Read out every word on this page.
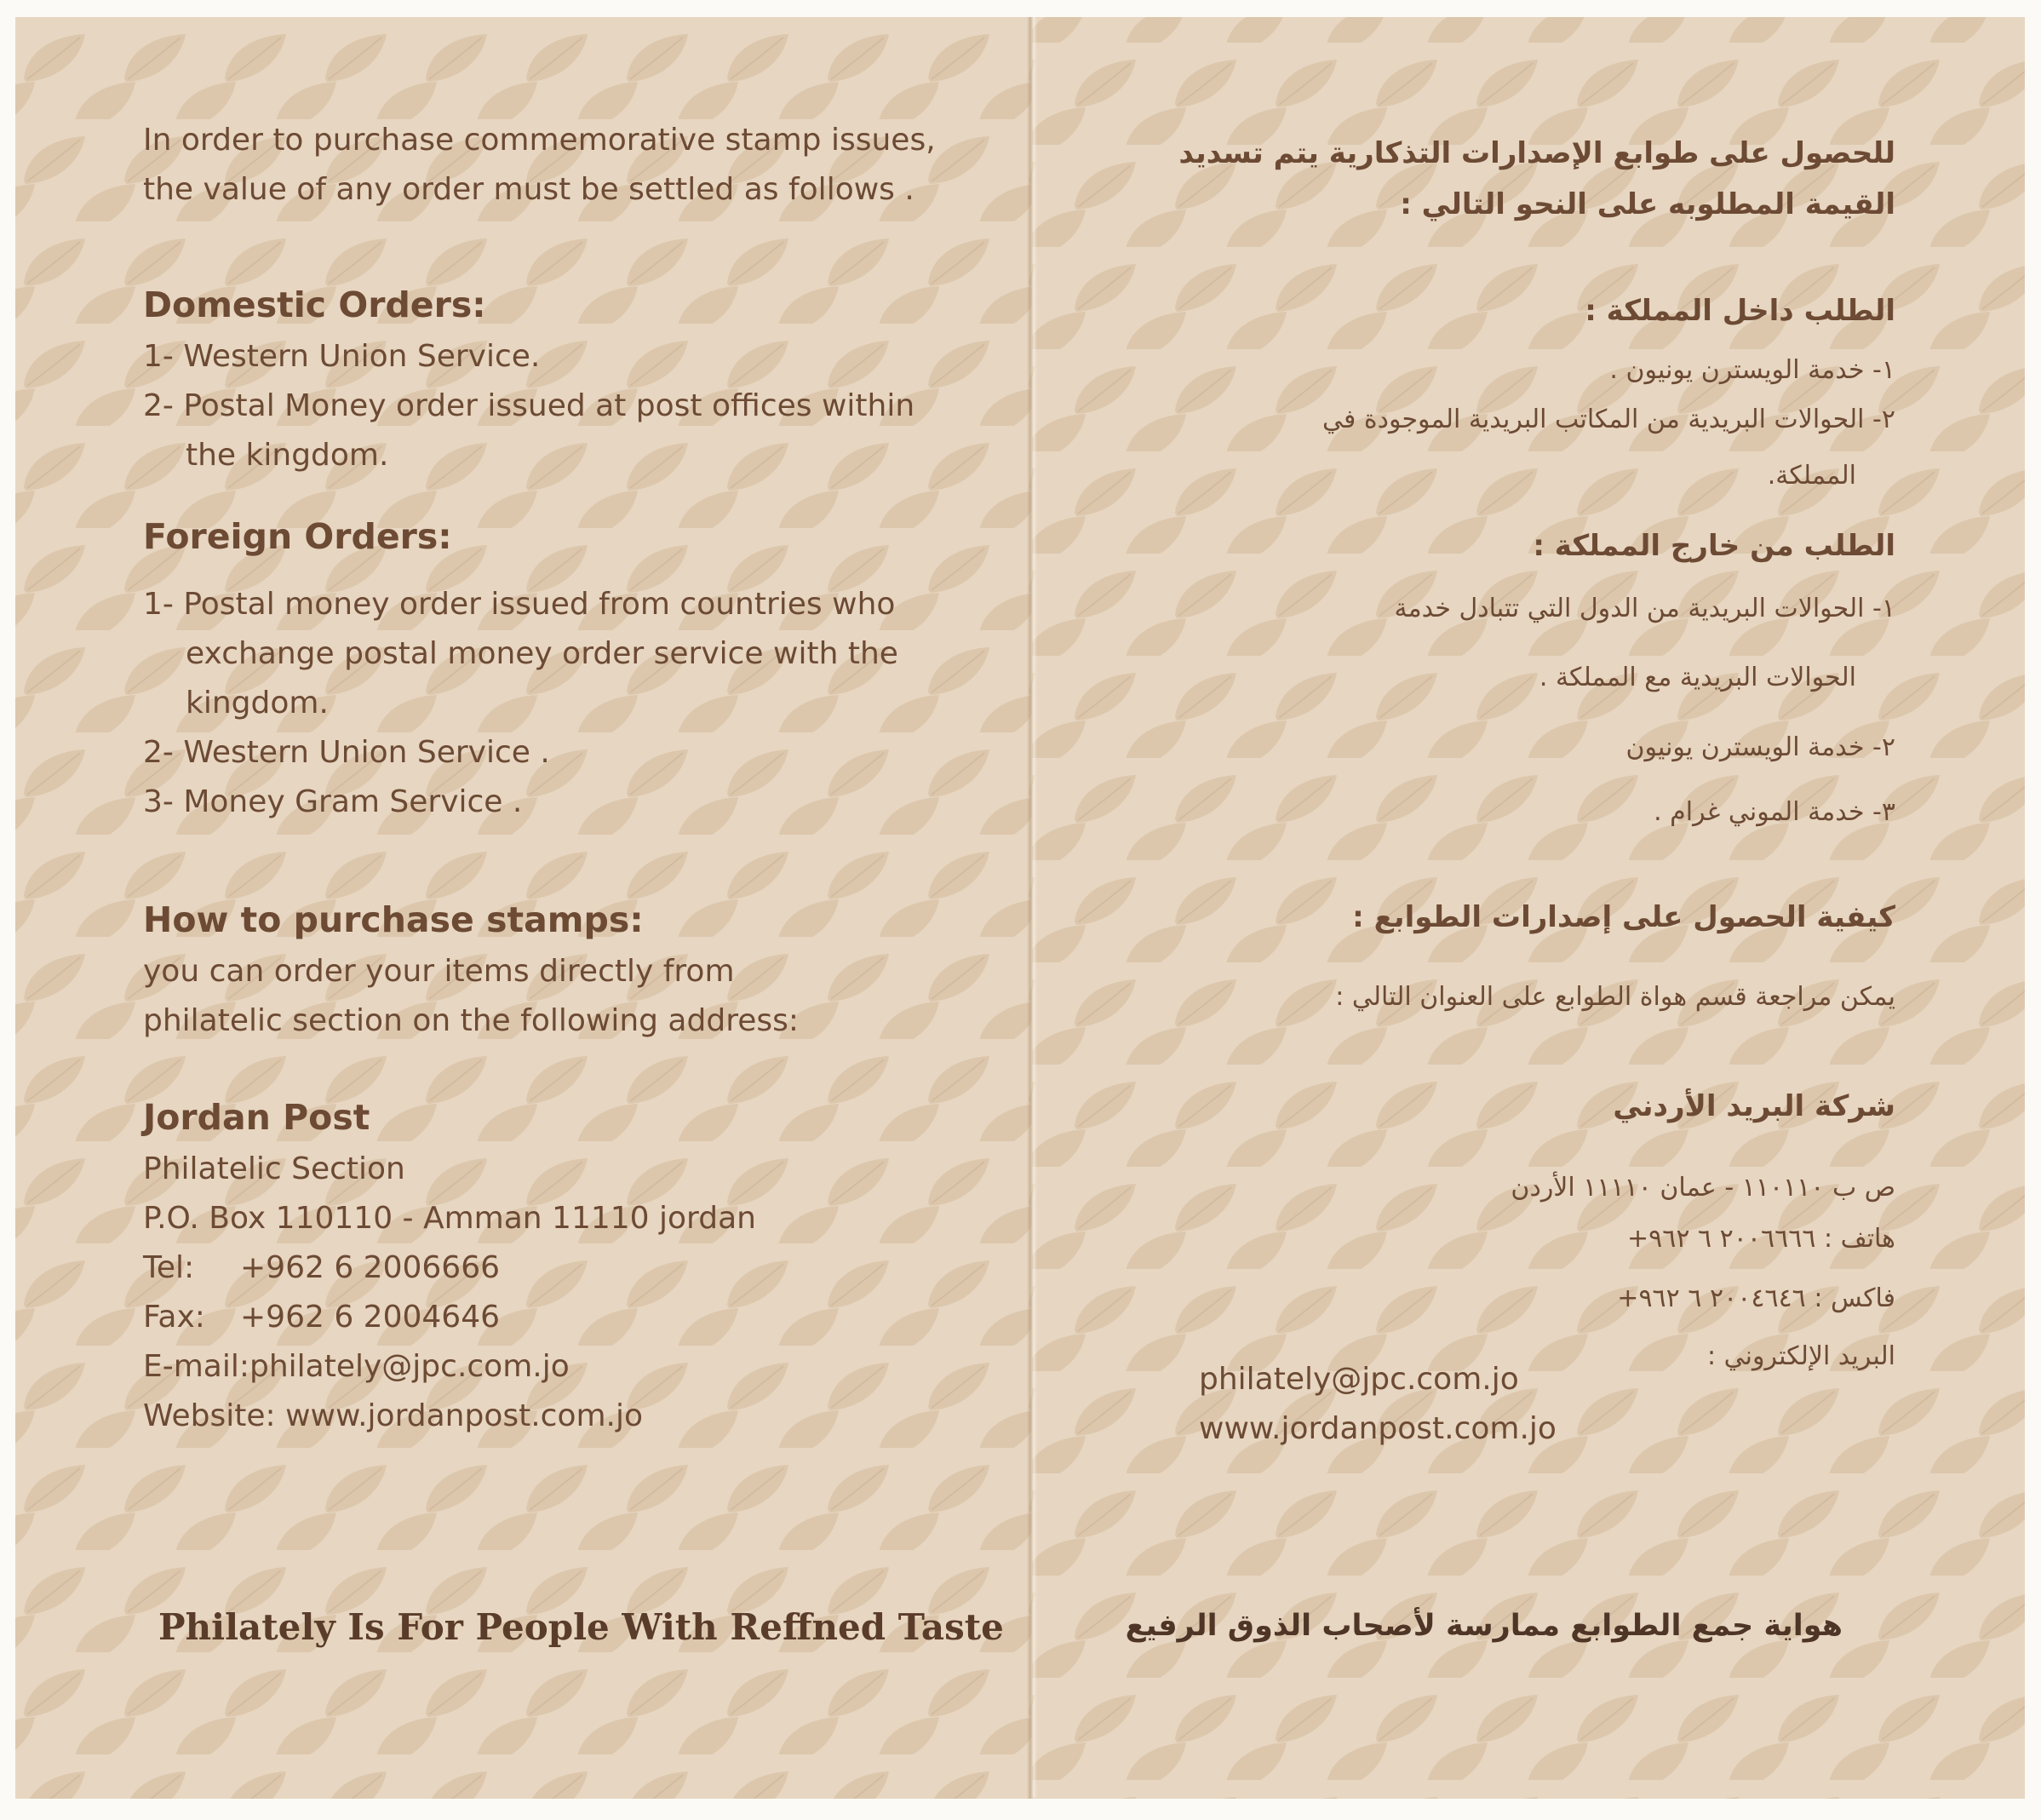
In order to purchase commemorative stamp issues,

the value of any order must be settled as follows .

Domestic Orders:

1- Western Union Service.

2- Postal Money order issued at post offices within

the kingdom.

Foreign Orders:

1- Postal money order issued from countries who

exchange postal money order service with the

kingdom.

2- Western Union Service .

3- Money Gram Service .

How to purchase stamps:

you can order your items directly from

philatelic section on the following address:

Jordan Post

Philatelic Section

P.O. Box 110110 - Amman 11110 jordan

Tel: +962 6 2006666

Fax: +962 6 2004646

E-mail:philately@jpc.com.jo

Website: www.jordanpost.com.jo

Philately Is For People With Reffned Taste

للحصول على طوابع الإصدارات التذكارية يتم تسديد

القيمة المطلوبه على النحو التالي :

الطلب داخل المملكة :

١- خدمة الويسترن يونيون .

٢- الحوالات البريدية من المكاتب البريدية الموجودة في

المملكة.

الطلب من خارج المملكة :

١- الحوالات البريدية من الدول التي تتبادل خدمة

الحوالات البريدية مع المملكة .

٢- خدمة الويسترن يونيون

٣- خدمة الموني غرام .

كيفية الحصول على إصدارات الطوابع :

يمكن مراجعة قسم هواة الطوابع على العنوان التالي :

شركة البريد الأردني

ص ب ١١٠١١٠ - عمان ١١١١٠ الأردن

هاتف : ٢٠٠٦٦٦٦ ٦ ٩٦٢+

فاكس : ٢٠٠٤٦٤٦ ٦ ٩٦٢+

البريد الإلكتروني :

philately@jpc.com.jo

www.jordanpost.com.jo

هواية جمع الطوابع ممارسة لأصحاب الذوق الرفيع
